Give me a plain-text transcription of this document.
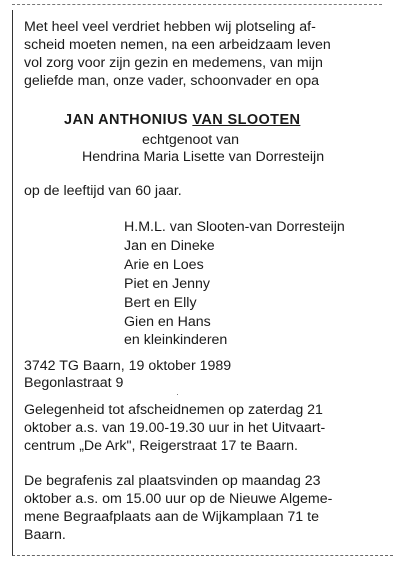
Met heel veel verdriet hebben wij plotseling af-
scheid moeten nemen, na een arbeidzaam leven
vol zorg voor zijn gezin en medemens, van mijn
geliefde man, onze vader, schoonvader en opa
JAN ANTHONIUS VAN SLOOTEN
echtgenoot van
Hendrina Maria Lisette van Dorresteijn
op de leeftijd van 60 jaar.
H.M.L. van Slooten-van Dorresteijn
Jan en Dineke
Arie en Loes
Piet en Jenny
Bert en Elly
Gien en Hans
en kleinkinderen
3742 TG Baarn, 19 oktober 1989
Begonlastraat 9
·
Gelegenheid tot afscheidnemen op zaterdag 21
oktober a.s. van 19.00-19.30 uur in het Uitvaart-
centrum „De Ark", Reigerstraat 17 te Baarn.
De begrafenis zal plaatsvinden op maandag 23
oktober a.s. om 15.00 uur op de Nieuwe Algeme-
mene Begraafplaats aan de Wijkamplaan 71 te
Baarn.
